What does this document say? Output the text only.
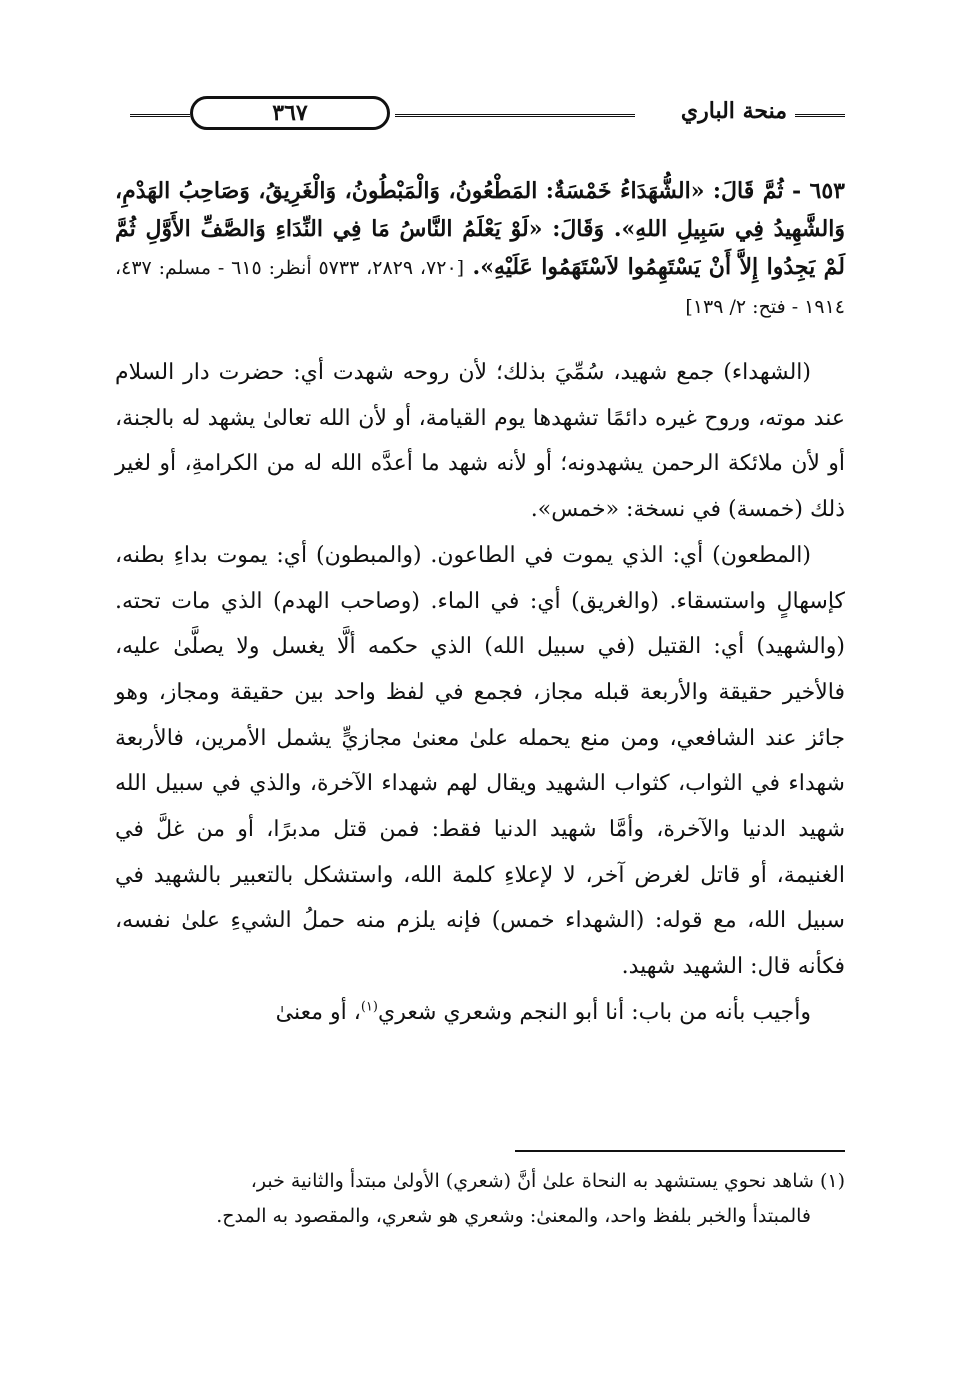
منحة الباري
٣٦٧
٦٥٣ - ثُمَّ قَالَ: «الشُّهَدَاءُ خَمْسَةٌ: المَطْعُونُ، وَالْمَبْطُونُ، وَالْغَرِيقُ، وَصَاحِبُ الهَدْمِ، وَالشَّهِيدُ فِي سَبِيلِ اللهِ». وَقَالَ: «لَوْ يَعْلَمُ النَّاسُ مَا فِي النِّدَاءِ وَالصَّفِّ الأَوَّلِ ثُمَّ لَمْ يَجِدُوا إِلاَّ أَنْ يَسْتَهِمُوا لاَسْتَهَمُوا عَلَيْهِ». [٧٢٠، ٢٨٢٩، ٥٧٣٣ أنظر: ٦١٥ - مسلم: ٤٣٧، ١٩١٤ - فتح: ٢/ ١٣٩]

(الشهداء) جمع شهيد، سُمِّيَ بذلك؛ لأن روحه شهدت أي: حضرت دار السلام عند موته، وروح غيره دائمًا تشهدها يوم القيامة، أو لأن الله تعالىٰ يشهد له بالجنة، أو لأن ملائكة الرحمن يشهدونه؛ أو لأنه شهد ما أعدَّه الله له من الكرامةِ، أو لغير ذلك (خمسة) في نسخة: «خمس».

(المطعون) أي: الذي يموت في الطاعون. (والمبطون) أي: يموت بداءِ بطنه، كإسهالٍ واستسقاء. (والغريق) أي: في الماء. (وصاحب الهدم) الذي مات تحته. (والشهيد) أي: القتيل (في سبيل الله) الذي حكمه ألَّا يغسل ولا يصلَّىٰ عليه، فالأخير حقيقة والأربعة قبله مجاز، فجمع في لفظ واحد بين حقيقة ومجاز، وهو جائز عند الشافعي، ومن منع يحمله علىٰ معنىٰ مجازيٍّ يشمل الأمرين، فالأربعة شهداء في الثواب، كثواب الشهيد ويقال لهم شهداء الآخرة، والذي في سبيل الله شهيد الدنيا والآخرة، وأمَّا شهيد الدنيا فقط: فمن قتل مدبرًا، أو من غلَّ في الغنيمة، أو قاتل لغرض آخر، لا لإعلاءِ كلمة الله، واستشكل بالتعبير بالشهيد في سبيل الله، مع قوله: (الشهداء خمس) فإنه يلزم منه حملُ الشيءِ علىٰ نفسه، فكأنه قال: الشهيد شهيد.

وأجيب بأنه من باب: أنا أبو النجم وشعري شعري$^{(١)}$، أو معنىٰ

(١) شاهد نحوي يستشهد به النحاة علىٰ أنَّ (شعري) الأولىٰ مبتدأ والثانية خبر،
فالمبتدأ والخبر بلفظ واحد، والمعنىٰ: وشعري هو شعري، والمقصود به المدح.
